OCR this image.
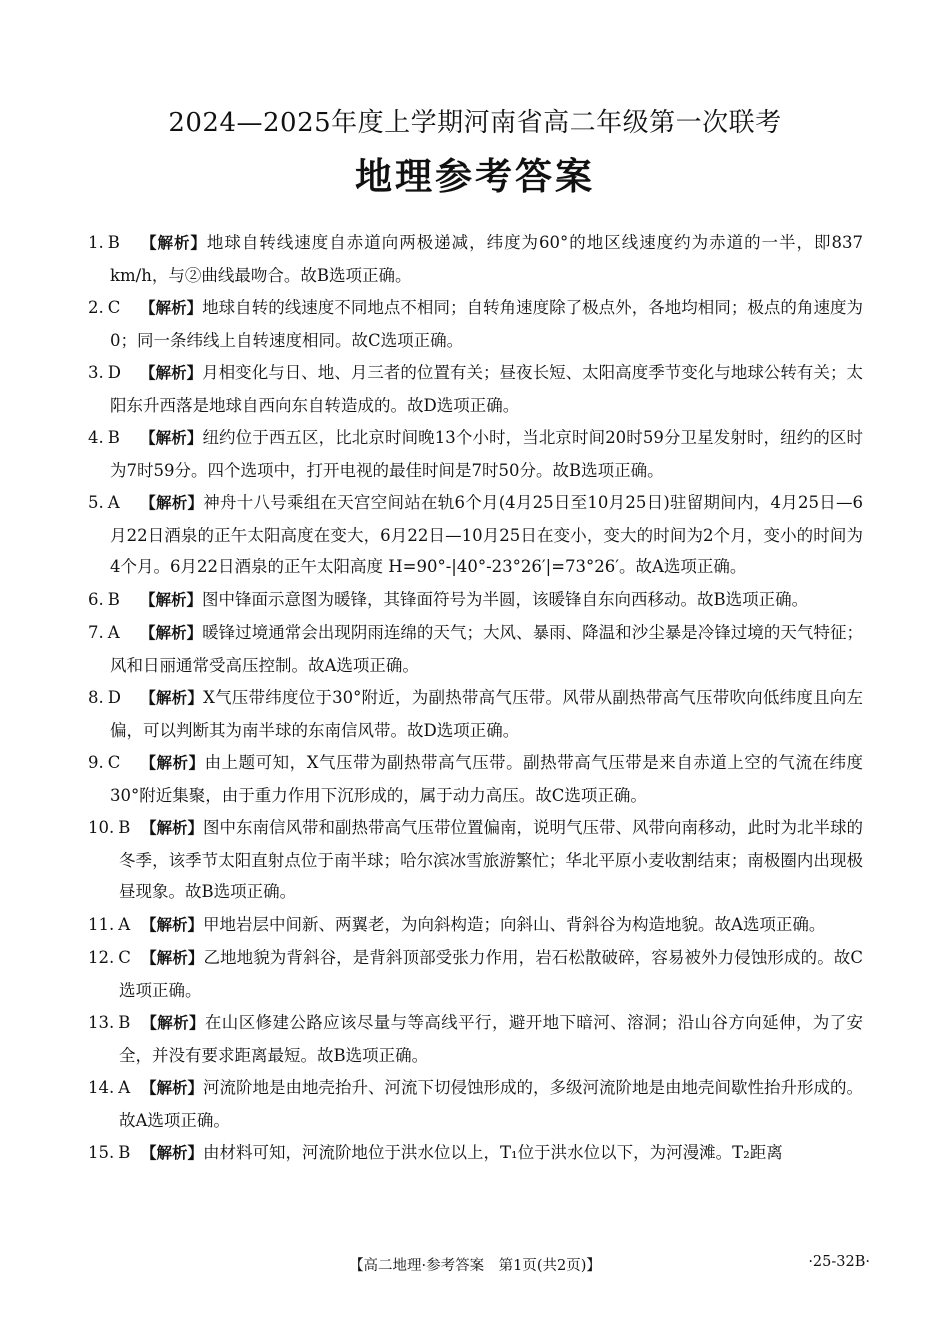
2024—2025年度上学期河南省高二年级第一次联考
地理参考答案
1. B 【解析】地球自转线速度自赤道向两极递减，纬度为60°的地区线速度约为赤道的一半，即837 km/h，与②曲线最吻合。故B选项正确。
2. C 【解析】地球自转的线速度不同地点不相同；自转角速度除了极点外，各地均相同；极点的角速度为0；同一条纬线上自转速度相同。故C选项正确。
3. D 【解析】月相变化与日、地、月三者的位置有关；昼夜长短、太阳高度季节变化与地球公转有关；太阳东升西落是地球自西向东自转造成的。故D选项正确。
4. B 【解析】纽约位于西五区，比北京时间晚13个小时，当北京时间20时59分卫星发射时，纽约的区时为7时59分。四个选项中，打开电视的最佳时间是7时50分。故B选项正确。
5. A 【解析】神舟十八号乘组在天宫空间站在轨6个月(4月25日至10月25日)驻留期间内，4月25日—6月22日酒泉的正午太阳高度在变大，6月22日—10月25日在变小，变大的时间为2个月，变小的时间为4个月。6月22日酒泉的正午太阳高度 H=90°-|40°-23°26′|=73°26′。故A选项正确。
6. B 【解析】图中锋面示意图为暖锋，其锋面符号为半圆，该暖锋自东向西移动。故B选项正确。
7. A 【解析】暖锋过境通常会出现阴雨连绵的天气；大风、暴雨、降温和沙尘暴是冷锋过境的天气特征；风和日丽通常受高压控制。故A选项正确。
8. D 【解析】X气压带纬度位于30°附近，为副热带高气压带。风带从副热带高气压带吹向低纬度且向左偏，可以判断其为南半球的东南信风带。故D选项正确。
9. C 【解析】由上题可知，X气压带为副热带高气压带。副热带高气压带是来自赤道上空的气流在纬度30°附近集聚，由于重力作用下沉形成的，属于动力高压。故C选项正确。
10. B 【解析】图中东南信风带和副热带高气压带位置偏南，说明气压带、风带向南移动，此时为北半球的冬季，该季节太阳直射点位于南半球；哈尔滨冰雪旅游繁忙；华北平原小麦收割结束；南极圈内出现极昼现象。故B选项正确。
11. A 【解析】甲地岩层中间新、两翼老，为向斜构造；向斜山、背斜谷为构造地貌。故A选项正确。
12. C 【解析】乙地地貌为背斜谷，是背斜顶部受张力作用，岩石松散破碎，容易被外力侵蚀形成的。故C选项正确。
13. B 【解析】在山区修建公路应该尽量与等高线平行，避开地下暗河、溶洞；沿山谷方向延伸，为了安全，并没有要求距离最短。故B选项正确。
14. A 【解析】河流阶地是由地壳抬升、河流下切侵蚀形成的，多级河流阶地是由地壳间歇性抬升形成的。故A选项正确。
15. B 【解析】由材料可知，河流阶地位于洪水位以上，T₁位于洪水位以下，为河漫滩。T₂距离
【高二地理·参考答案　第1页(共2页)】	·25-32B·
